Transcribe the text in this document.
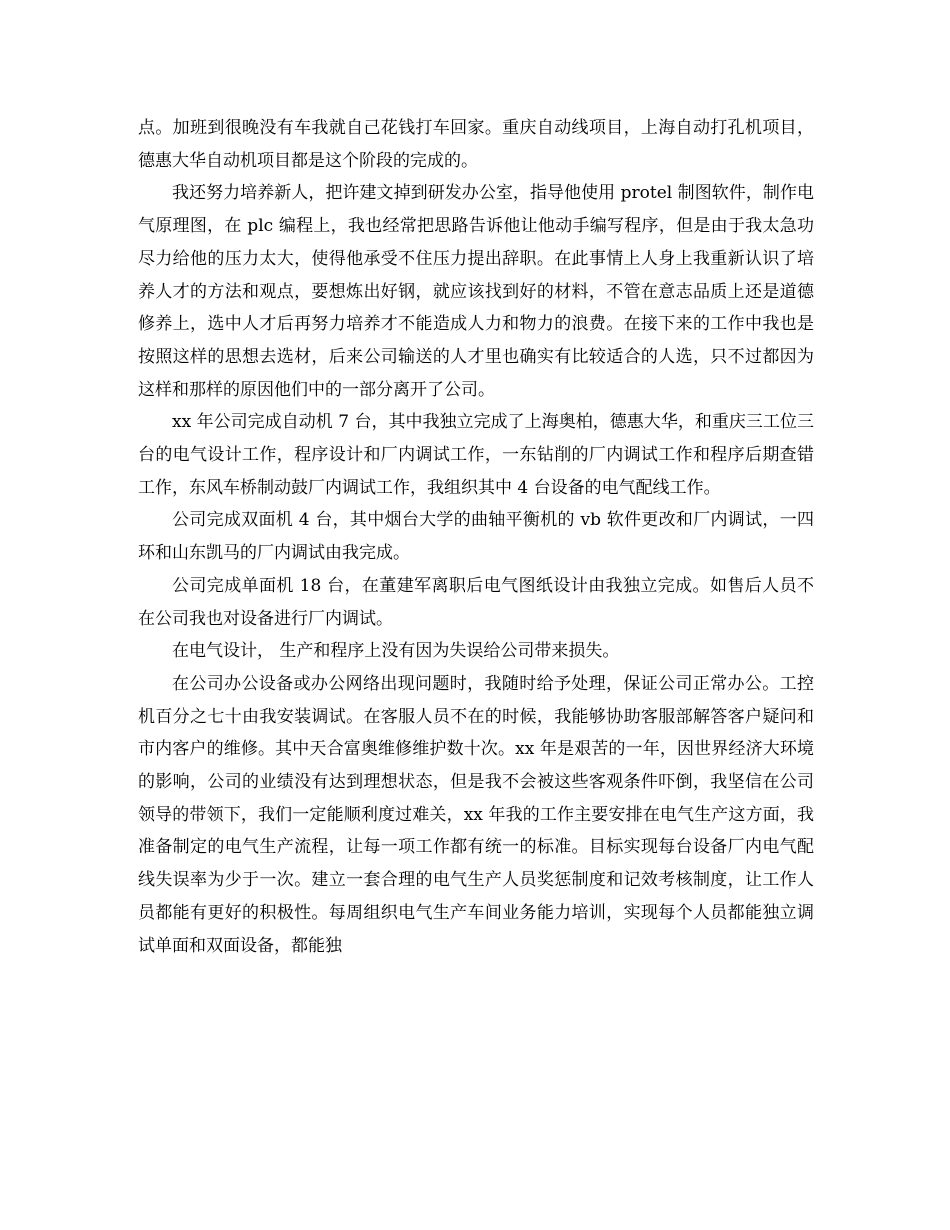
点。加班到很晚没有车我就自己花钱打车回家。重庆自动线项目，上海自动打孔机项目，德惠大华自动机项目都是这个阶段的完成的。

我还努力培养新人，把许建文掉到研发办公室，指导他使用 protel 制图软件，制作电气原理图，在 plc 编程上，我也经常把思路告诉他让他动手编写程序，但是由于我太急功尽力给他的压力太大，使得他承受不住压力提出辞职。在此事情上人身上我重新认识了培养人才的方法和观点，要想炼出好钢，就应该找到好的材料，不管在意志品质上还是道德修养上，选中人才后再努力培养才不能造成人力和物力的浪费。在接下来的工作中我也是按照这样的思想去选材，后来公司输送的人才里也确实有比较适合的人选，只不过都因为这样和那样的原因他们中的一部分离开了公司。

xx 年公司完成自动机 7 台，其中我独立完成了上海奥柏，德惠大华，和重庆三工位三台的电气设计工作，程序设计和厂内调试工作，一东钻削的厂内调试工作和程序后期查错工作，东风车桥制动鼓厂内调试工作，我组织其中 4 台设备的电气配线工作。

公司完成双面机 4 台，其中烟台大学的曲轴平衡机的 vb 软件更改和厂内调试，一四环和山东凯马的厂内调试由我完成。

公司完成单面机 18 台，在董建军离职后电气图纸设计由我独立完成。如售后人员不在公司我也对设备进行厂内调试。

在电气设计， 生产和程序上没有因为失误给公司带来损失。

在公司办公设备或办公网络出现问题时，我随时给予处理，保证公司正常办公。工控机百分之七十由我安装调试。在客服人员不在的时候，我能够协助客服部解答客户疑问和市内客户的维修。其中天合富奥维修维护数十次。xx 年是艰苦的一年，因世界经济大环境的影响，公司的业绩没有达到理想状态，但是我不会被这些客观条件吓倒，我坚信在公司领导的带领下，我们一定能顺利度过难关，xx 年我的工作主要安排在电气生产这方面，我准备制定的电气生产流程，让每一项工作都有统一的标准。目标实现每台设备厂内电气配线失误率为少于一次。建立一套合理的电气生产人员奖惩制度和记效考核制度，让工作人员都能有更好的积极性。每周组织电气生产车间业务能力培训，实现每个人员都能独立调试单面和双面设备，都能独
